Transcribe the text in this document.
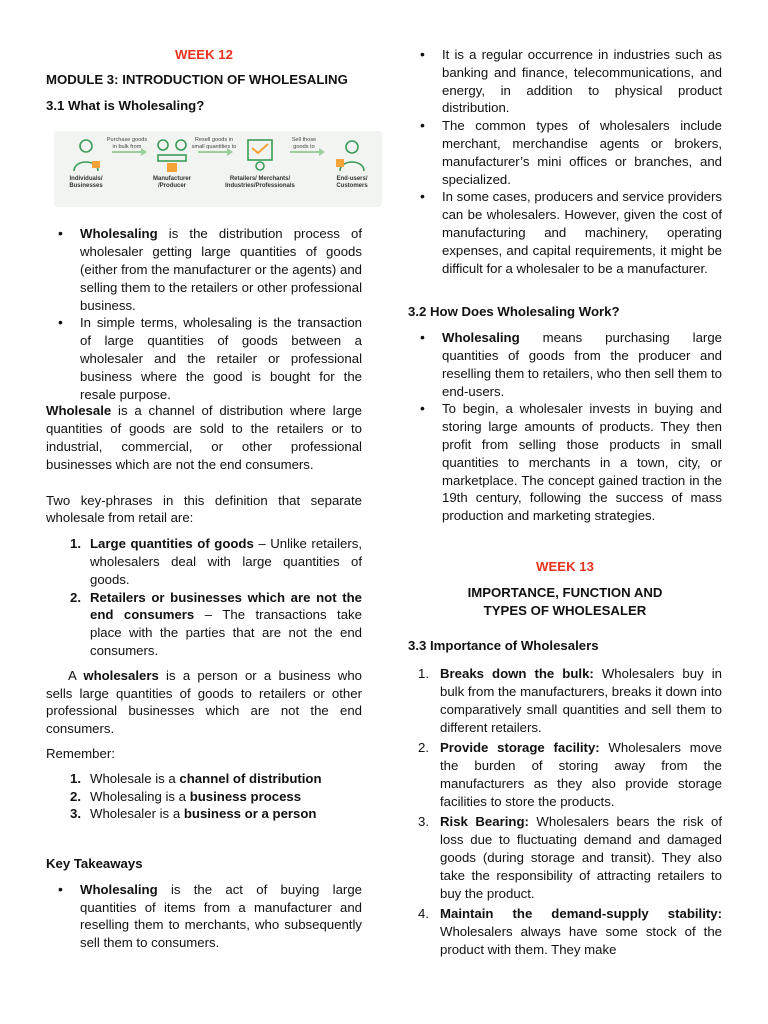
WEEK 12

MODULE 3: INTRODUCTION OF WHOLESALING

3.1 What is Wholesaling?

• Wholesaling is the distribution process of wholesaler getting large quantities of goods (either from the manufacturer or the agents) and selling them to the retailers or other professional business.
• In simple terms, wholesaling is the transaction of large quantities of goods between a wholesaler and the retailer or professional business where the good is bought for the resale purpose.

Wholesale is a channel of distribution where large quantities of goods are sold to the retailers or to industrial, commercial, or other professional businesses which are not the end consumers.

Two key-phrases in this definition that separate wholesale from retail are:

1. Large quantities of goods – Unlike retailers, wholesalers deal with large quantities of goods.
2. Retailers or businesses which are not the end consumers – The transactions take place with the parties that are not the end consumers.

A wholesalers is a person or a business who sells large quantities of goods to retailers or other professional businesses which are not the end consumers.

Remember:

1. Wholesale is a channel of distribution
2. Wholesaling is a business process
3. Wholesaler is a business or a person

Key Takeaways

• Wholesaling is the act of buying large quantities of items from a manufacturer and reselling them to merchants, who subsequently sell them to consumers.
Individuals/ Businesses
Purchase goods in bulk from
Manufacturer /Producer
Resell goods in small quantities to
Retailers/ Merchants/ Industries/Professionals
Sell those goods to
End-users/ Customers
• It is a regular occurrence in industries such as banking and finance, telecommunications, and energy, in addition to physical product distribution.
• The common types of wholesalers include merchant, merchandise agents or brokers, manufacturer’s mini offices or branches, and specialized.
• In some cases, producers and service providers can be wholesalers. However, given the cost of manufacturing and machinery, operating expenses, and capital requirements, it might be difficult for a wholesaler to be a manufacturer.

3.2 How Does Wholesaling Work?

• Wholesaling means purchasing large quantities of goods from the producer and reselling them to retailers, who then sell them to end-users.
• To begin, a wholesaler invests in buying and storing large amounts of products. They then profit from selling those products in small quantities to merchants in a town, city, or marketplace. The concept gained traction in the 19th century, following the success of mass production and marketing strategies.

WEEK 13

IMPORTANCE, FUNCTION AND

TYPES OF WHOLESALER

3.3 Importance of Wholesalers

1. Breaks down the bulk: Wholesalers buy in bulk from the manufacturers, breaks it down into comparatively small quantities and sell them to different retailers.
2. Provide storage facility: Wholesalers move the burden of storing away from the manufacturers as they also provide storage facilities to store the products.
3. Risk Bearing: Wholesalers bears the risk of loss due to fluctuating demand and damaged goods (during storage and transit). They also take the responsibility of attracting retailers to buy the product.
4. Maintain the demand-supply stability: Wholesalers always have some stock of the product with them. They make
